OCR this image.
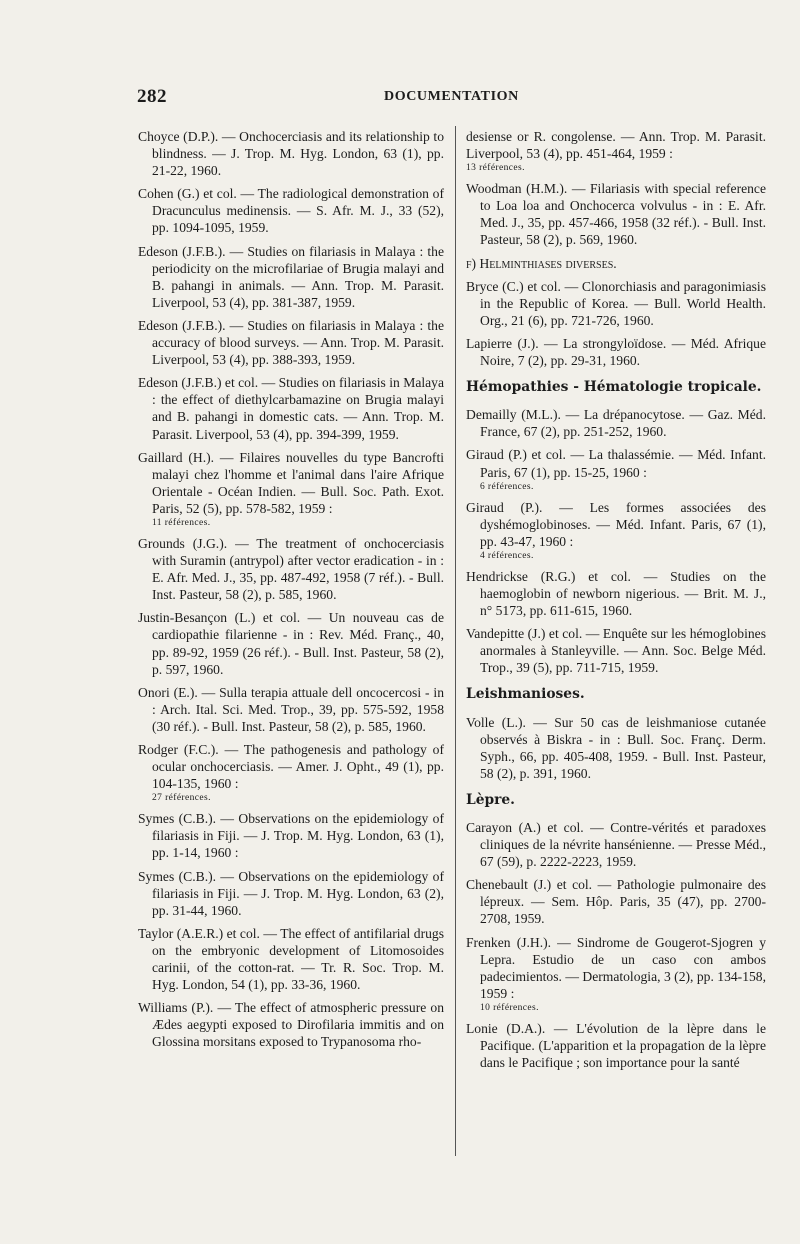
282	DOCUMENTATION
Choyce (D.P.). — Onchocerciasis and its relationship to blindness. — J. Trop. M. Hyg. London, 63 (1), pp. 21-22, 1960.
Cohen (G.) et col. — The radiological demonstration of Dracunculus medinensis. — S. Afr. M. J., 33 (52), pp. 1094-1095, 1959.
Edeson (J.F.B.). — Studies on filariasis in Malaya : the periodicity on the microfilariae of Brugia malayi and B. pahangi in animals. — Ann. Trop. M. Parasit. Liverpool, 53 (4), pp. 381-387, 1959.
Edeson (J.F.B.). — Studies on filariasis in Malaya : the accuracy of blood surveys. — Ann. Trop. M. Parasit. Liverpool, 53 (4), pp. 388-393, 1959.
Edeson (J.F.B.) et col. — Studies on filariasis in Malaya : the effect of diethylcarbamazine on Brugia malayi and B. pahangi in domestic cats. — Ann. Trop. M. Parasit. Liverpool, 53 (4), pp. 394-399, 1959.
Gaillard (H.). — Filaires nouvelles du type Bancrofti malayi chez l'homme et l'animal dans l'aire Afrique Orientale - Océan Indien. — Bull. Soc. Path. Exot. Paris, 52 (5), pp. 578-582, 1959 :
11 références.
Grounds (J.G.). — The treatment of onchocerciasis with Suramin (antrypol) after vector eradication - in : E. Afr. Med. J., 35, pp. 487-492, 1958 (7 réf.). - Bull. Inst. Pasteur, 58 (2), p. 585, 1960.
Justin-Besançon (L.) et col. — Un nouveau cas de cardiopathie filarienne - in : Rev. Méd. Franç., 40, pp. 89-92, 1959 (26 réf.). - Bull. Inst. Pasteur, 58 (2), p. 597, 1960.
Onori (E.). — Sulla terapia attuale dell oncocercosi - in : Arch. Ital. Sci. Med. Trop., 39, pp. 575-592, 1958 (30 réf.). - Bull. Inst. Pasteur, 58 (2), p. 585, 1960.
Rodger (F.C.). — The pathogenesis and pathology of ocular onchocerciasis. — Amer. J. Opht., 49 (1), pp. 104-135, 1960 :
27 références.
Symes (C.B.). — Observations on the epidemiology of filariasis in Fiji. — J. Trop. M. Hyg. London, 63 (1), pp. 1-14, 1960 :
Symes (C.B.). — Observations on the epidemiology of filariasis in Fiji. — J. Trop. M. Hyg. London, 63 (2), pp. 31-44, 1960.
Taylor (A.E.R.) et col. — The effect of antifilarial drugs on the embryonic development of Litomosoides carinii, of the cotton-rat. — Tr. R. Soc. Trop. M. Hyg. London, 54 (1), pp. 33-36, 1960.
Williams (P.). — The effect of atmospheric pressure on Ædes aegypti exposed to Dirofilaria immitis and on Glossina morsitans exposed to Trypanosoma rho-
desiense or R. congolense. — Ann. Trop. M. Parasit. Liverpool, 53 (4), pp. 451-464, 1959 :
13 références.
Woodman (H.M.). — Filariasis with special reference to Loa loa and Onchocerca volvulus - in : E. Afr. Med. J., 35, pp. 457-466, 1958 (32 réf.). - Bull. Inst. Pasteur, 58 (2), p. 569, 1960.
f) Helminthiases diverses.
Bryce (C.) et col. — Clonorchiasis and paragonimiasis in the Republic of Korea. — Bull. World Health. Org., 21 (6), pp. 721-726, 1960.
Lapierre (J.). — La strongyloïdose. — Méd. Afrique Noire, 7 (2), pp. 29-31, 1960.
Hémopathies - Hématologie tropicale.
Demailly (M.L.). — La drépanocytose. — Gaz. Méd. France, 67 (2), pp. 251-252, 1960.
Giraud (P.) et col. — La thalassémie. — Méd. Infant. Paris, 67 (1), pp. 15-25, 1960 :
6 références.
Giraud (P.). — Les formes associées des dyshémoglobinoses. — Méd. Infant. Paris, 67 (1), pp. 43-47, 1960 :
4 références.
Hendrickse (R.G.) et col. — Studies on the haemoglobin of newborn nigerious. — Brit. M. J., n° 5173, pp. 611-615, 1960.
Vandepitte (J.) et col. — Enquête sur les hémoglobines anormales à Stanleyville. — Ann. Soc. Belge Méd. Trop., 39 (5), pp. 711-715, 1959.
Leishmanioses.
Volle (L.). — Sur 50 cas de leishmaniose cutanée observés à Biskra - in : Bull. Soc. Franç. Derm. Syph., 66, pp. 405-408, 1959. - Bull. Inst. Pasteur, 58 (2), p. 391, 1960.
Lèpre.
Carayon (A.) et col. — Contre-vérités et paradoxes cliniques de la névrite hansénienne. — Presse Méd., 67 (59), p. 2222-2223, 1959.
Chenebault (J.) et col. — Pathologie pulmonaire des lépreux. — Sem. Hôp. Paris, 35 (47), pp. 2700-2708, 1959.
Frenken (J.H.). — Sindrome de Gougerot-Sjogren y Lepra. Estudio de un caso con ambos padecimientos. — Dermatologia, 3 (2), pp. 134-158, 1959 :
10 références.
Lonie (D.A.). — L'évolution de la lèpre dans le Pacifique. (L'apparition et la propagation de la lèpre dans le Pacifique ; son importance pour la santé
